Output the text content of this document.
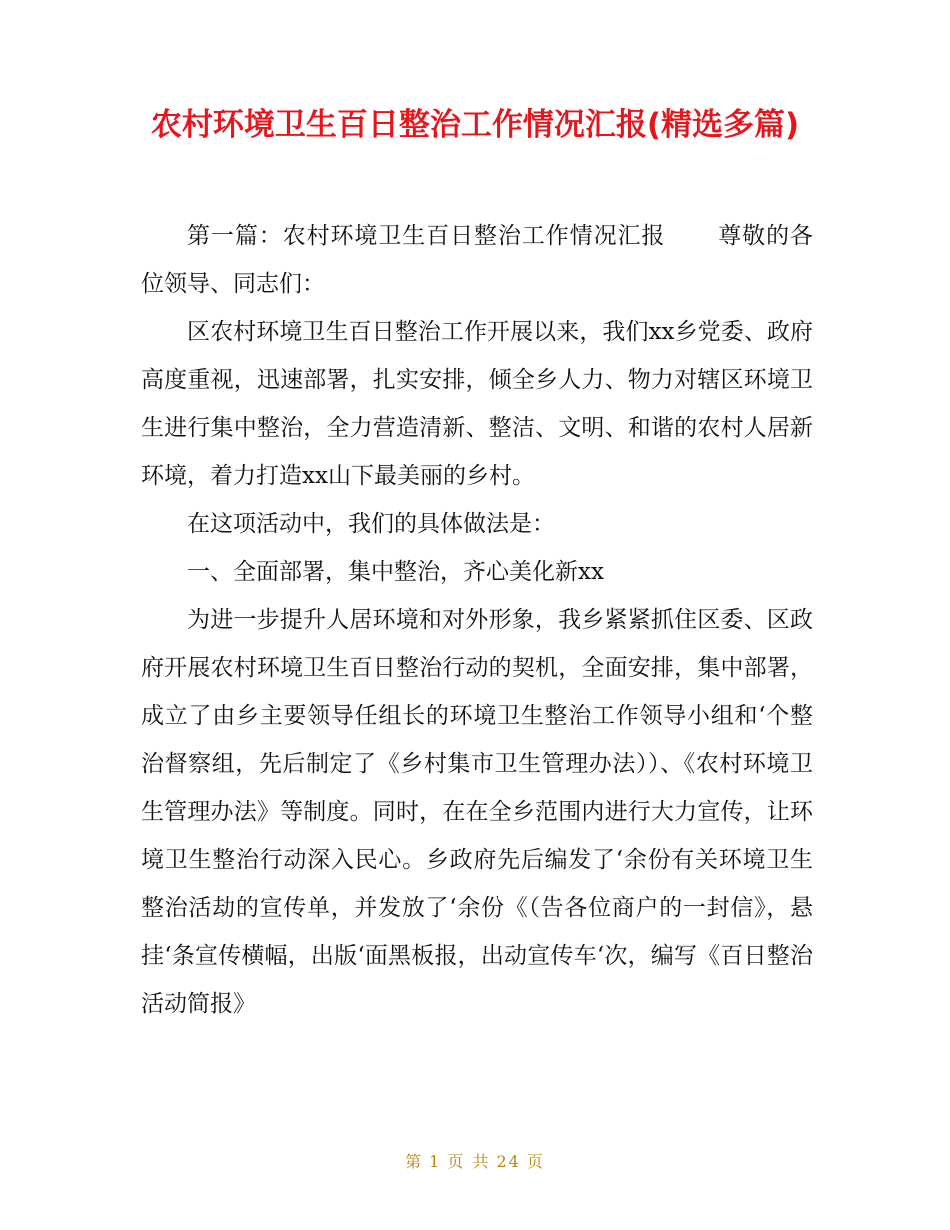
农村环境卫生百日整治工作情况汇报(精选多篇)

第一篇：农村环境卫生百日整治工作情况汇报 尊敬的各位领导、同志们：

区农村环境卫生百日整治工作开展以来，我们xx乡党委、政府高度重视，迅速部署，扎实安排，倾全乡人力、物力对辖区环境卫生进行集中整治，全力营造清新、整洁、文明、和谐的农村人居新环境，着力打造xx山下最美丽的乡村。

在这项活动中，我们的具体做法是：

一、全面部署，集中整治，齐心美化新xx

为进一步提升人居环境和对外形象，我乡紧紧抓住区委、区政府开展农村环境卫生百日整治行动的契机，全面安排，集中部署，成立了由乡主要领导任组长的环境卫生整治工作领导小组和‘个整治督察组，先后制定了《乡村集市卫生管理办法））、《农村环境卫生管理办法》等制度。同时，在在全乡范围内进行大力宣传，让环境卫生整治行动深入民心。乡政府先后编发了‘余份有关环境卫生整治活劫的宣传单，并发放了‘余份《（告各位商户的一封信》，悬挂‘条宣传横幅，出版‘面黑板报，出动宣传车‘次，编写《百日整治活动简报》

第 1 页 共 24 页
